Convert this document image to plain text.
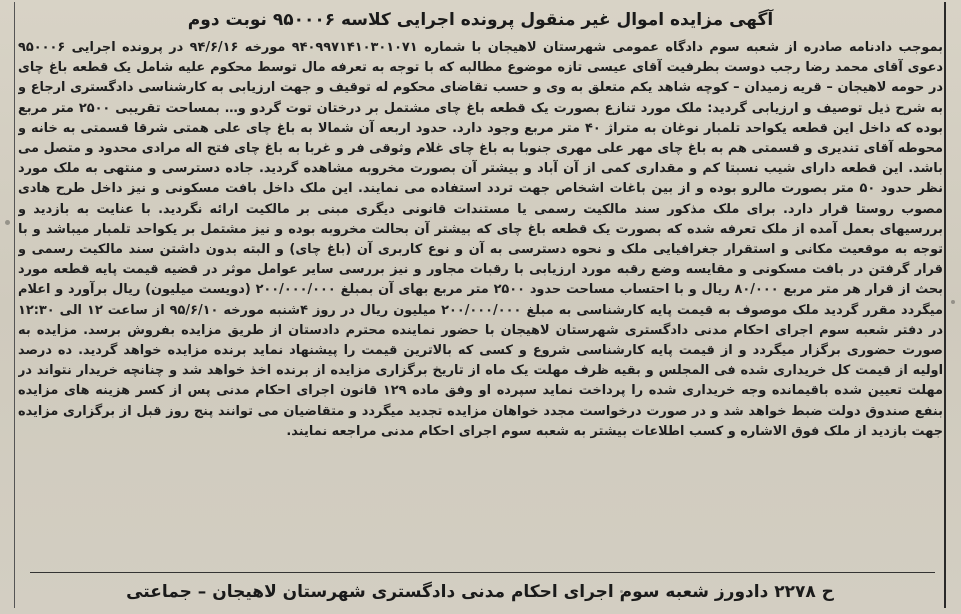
آگهی مزایده اموال غیر منقول پرونده اجرایی کلاسه ۹۵۰۰۰۶ نوبت دوم
بموجب دادنامه صادره از شعبه سوم دادگاه عمومی شهرستان لاهیجان با شماره ۹۴۰۹۹۷۱۴۱۰۳۰۱۰۷۱ مورخه ۹۴/۶/۱۶ در پرونده اجرایی ۹۵۰۰۰۶ دعوی آقای محمد رضا رجب دوست بطرفیت آقای عیسی تازه موضوع مطالبه که با توجه به تعرفه مال توسط محکوم علیه شامل یک قطعه باغ چای در حومه لاهیجان – قریه زمیدان – کوچه شاهد یکم متعلق به وی و حسب تقاضای محکوم له توقیف و جهت ارزیابی به کارشناسی دادگستری ارجاع و به شرح ذیل توصیف و ارزیابی گردید: ملک مورد تنازع بصورت یک قطعه باغ چای مشتمل بر درختان توت گردو و… بمساحت تقریبی ۲۵۰۰ متر مربع بوده که داخل این قطعه یکواحد تلمبار نوغان به متراژ ۴۰ متر مربع وجود دارد. حدود اربعه آن شمالا به باغ چای علی همتی شرقا قسمتی به خانه و محوطه آقای تندیری و قسمتی هم به باغ چای مهر علی مهری جنوبا به باغ چای غلام وثوقی فر و غربا به باغ چای فتح اله مرادی محدود و متصل می باشد. این قطعه دارای شیب نسبتا کم و مقداری کمی از آن آباد و بیشتر آن بصورت مخروبه مشاهده گردید. جاده دسترسی و منتهی به ملک مورد نظر حدود ۵۰ متر بصورت مالرو بوده و از بین باغات اشخاص جهت تردد استفاده می نمایند. این ملک داخل بافت مسکونی و نیز داخل طرح هادی مصوب روستا قرار دارد. برای ملک مذکور سند مالکیت رسمی یا مستندات قانونی دیگری مبنی بر مالکیت ارائه نگردید. با عنایت به بازدید و بررسیهای بعمل آمده از ملک تعرفه شده که بصورت یک قطعه باغ چای که بیشتر آن بحالت مخروبه بوده و نیز مشتمل بر یکواحد تلمبار میباشد و با توجه به موقعیت مکانی و استقرار جغرافیایی ملک و نحوه دسترسی به آن و نوع کاربری آن (باغ چای) و البته بدون داشتن سند مالکیت رسمی و قرار گرفتن در بافت مسکونی و مقایسه وضع رقبه مورد ارزیابی با رقبات مجاور و نیز بررسی سایر عوامل موثر در قضیه قیمت پایه قطعه مورد بحث از قرار هر متر مربع ۸۰/۰۰۰ ریال و با احتساب مساحت حدود ۲۵۰۰ متر مربع بهای آن بمبلغ ۲۰۰/۰۰۰/۰۰۰ (دویست میلیون) ریال برآورد و اعلام میگردد مقرر گردید ملک موصوف به قیمت پایه کارشناسی به مبلغ ۲۰۰/۰۰۰/۰۰۰ میلیون ریال در روز ۴شنبه مورخه ۹۵/۶/۱۰ از ساعت ۱۲ الی ۱۲:۳۰ در دفتر شعبه سوم اجرای احکام مدنی دادگستری شهرستان لاهیجان با حضور نماینده محترم دادستان از طریق مزایده بفروش برسد. مزایده به صورت حضوری برگزار میگردد و از قیمت پایه کارشناسی شروع و کسی که بالاترین قیمت را پیشنهاد نماید برنده مزایده خواهد گردید. ده درصد اولیه از قیمت کل خریداری شده فی المجلس و بقیه ظرف مهلت یک ماه از تاریخ برگزاری مزایده از برنده اخذ خواهد شد و چنانچه خریدار نتواند در مهلت تعیین شده باقیمانده وجه خریداری شده را پرداخت نماید سپرده او وفق ماده ۱۲۹ قانون اجرای احکام مدنی پس از کسر هزینه های مزایده بنفع صندوق دولت ضبط خواهد شد و در صورت درخواست مجدد خواهان مزایده تجدید میگردد و متقاضیان می توانند پنج روز قبل از برگزاری مزایده جهت بازدید از ملک فوق الاشاره و کسب اطلاعات بیشتر به شعبه سوم اجرای احکام مدنی مراجعه نمایند.
ح ۲۲۷۸ دادورز شعبه سوم اجرای احکام مدنی دادگستری شهرستان لاهیجان – جماعتی
